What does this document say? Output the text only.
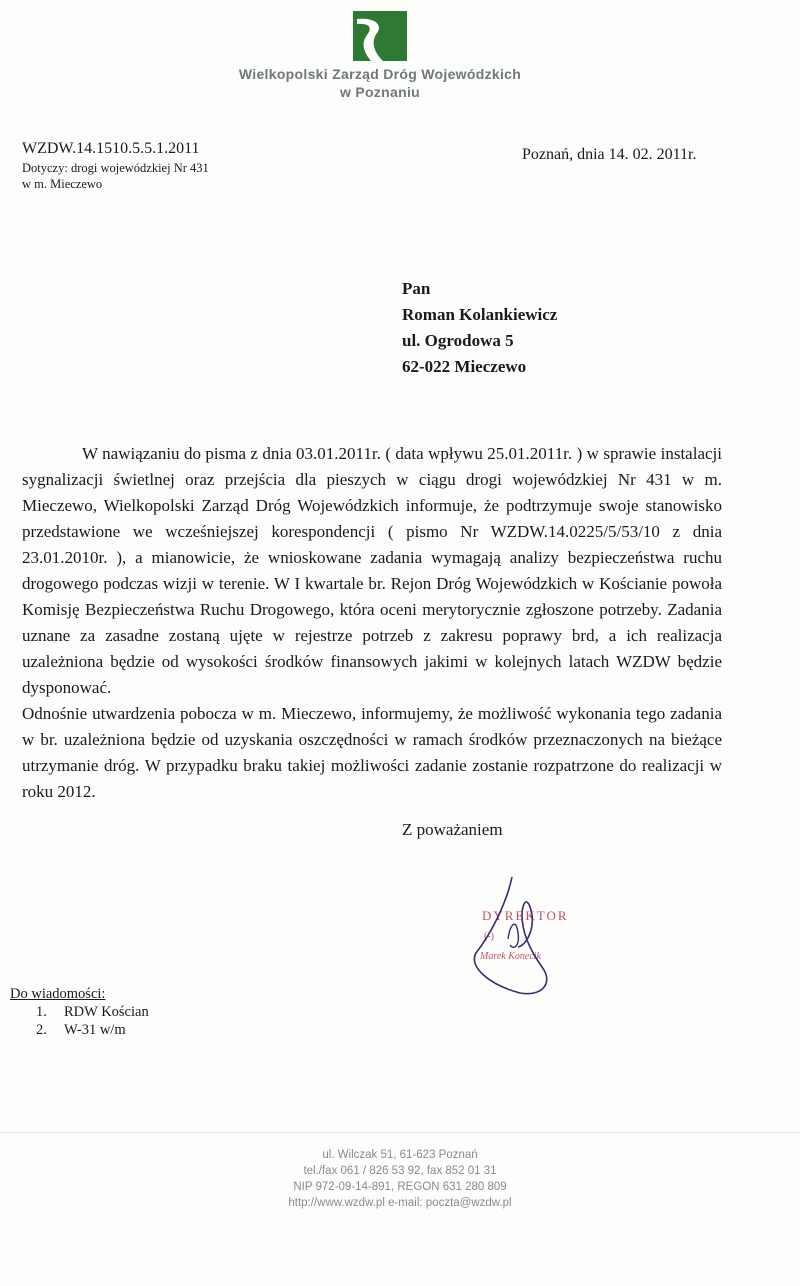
Wielkopolski Zarząd Dróg Wojewódzkich
w Poznaniu
WZDW.14.1510.5.5.1.2011
Dotyczy: drogi wojewódzkiej Nr 431
w m. Mieczewo
Poznań, dnia 14. 02. 2011r.
Pan
Roman Kolankiewicz
ul. Ogrodowa 5
62-022 Mieczewo

W nawiązaniu do pisma z dnia 03.01.2011r. ( data wpływu 25.01.2011r. ) w sprawie instalacji sygnalizacji świetlnej oraz przejścia dla pieszych w ciągu drogi wojewódzkiej Nr 431 w m. Mieczewo, Wielkopolski Zarząd Dróg Wojewódzkich informuje, że podtrzymuje swoje stanowisko przedstawione we wcześniejszej korespondencji ( pismo Nr WZDW.14.0225/5/53/10 z dnia 23.01.2010r. ), a mianowicie, że wnioskowane zadania wymagają analizy bezpieczeństwa ruchu drogowego podczas wizji w terenie. W I kwartale br. Rejon Dróg Wojewódzkich w Kościanie powoła Komisję Bezpieczeństwa Ruchu Drogowego, która oceni merytorycznie zgłoszone potrzeby. Zadania uznane za zasadne zostaną ujęte w rejestrze potrzeb z zakresu poprawy brd, a ich realizacja uzależniona będzie od wysokości środków finansowych jakimi w kolejnych latach WZDW będzie dysponować.

Odnośnie utwardzenia pobocza w m. Mieczewo, informujemy, że możliwość wykonania tego zadania w br. uzależniona będzie od uzyskania oszczędności w ramach środków przeznaczonych na bieżące utrzymanie dróg. W przypadku braku takiej możliwości zadanie zostanie rozpatrzone do realizacji w roku 2012.

Z poważaniem
DYREKTOR
(-)
Marek Konecik
Do wiadomości:
1. RDW Kościan
2. W-31 w/m
ul. Wilczak 51, 61-623 Poznań
tel./fax 061 / 826 53 92, fax 852 01 31
NIP 972-09-14-891, REGON 631 280 809
http://www.wzdw.pl e-mail: poczta@wzdw.pl
